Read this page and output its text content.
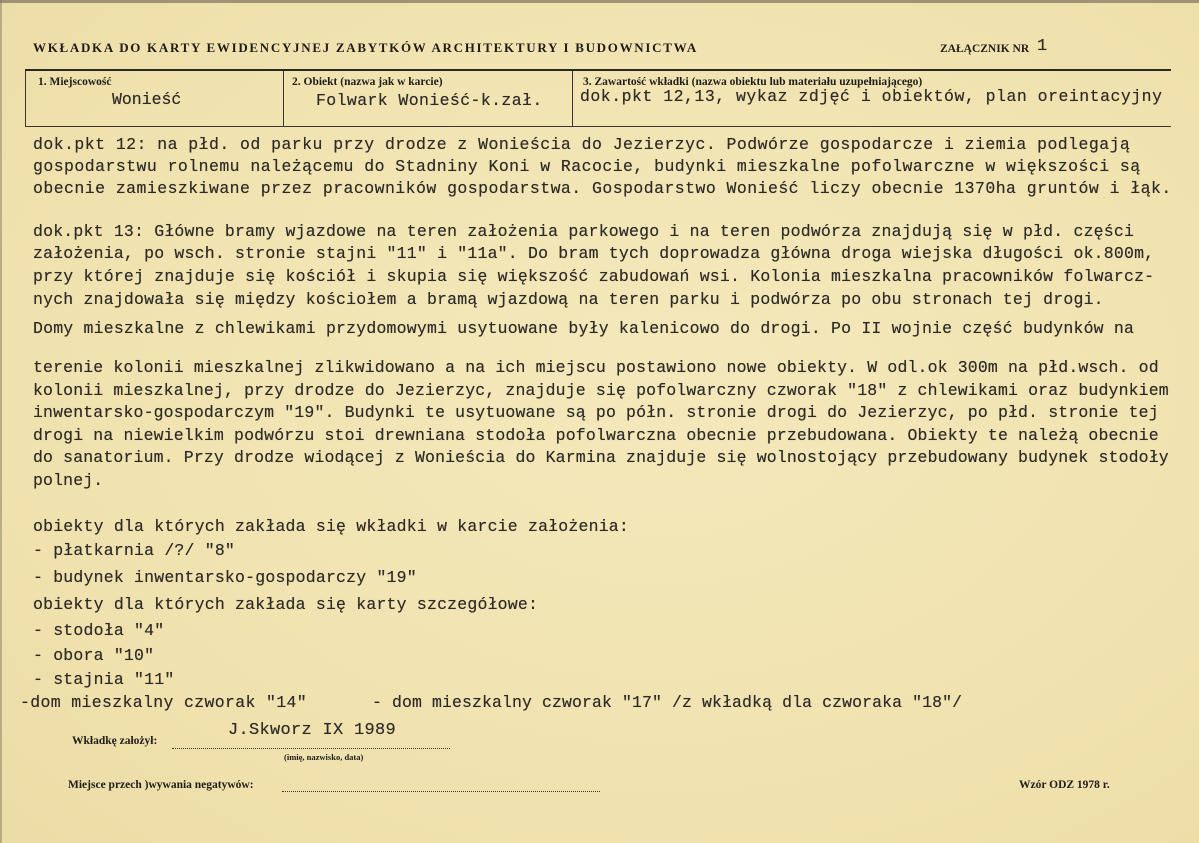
WKŁADKA DO KARTY EWIDENCYJNEJ ZABYTKÓW ARCHITEKTURY I BUDOWNICTWA	ZAŁĄCZNIK NR 1
1. Miejscowość
Wonieść
2. Obiekt (nazwa jak w karcie)
Folwark Wonieść-k.zał.
3. Zawartość wkładki (nazwa obiektu lub materiału uzupełniającego)
dok.pkt 12,13, wykaz zdjęć i obiektów, plan oreintacyjny
dok.pkt 12: na płd. od parku przy drodze z Wonieścia do Jezierzyc. Podwórze gospodarcze i ziemia podlegają
gospodarstwu rolnemu należącemu do Stadniny Koni w Racocie, budynki mieszkalne pofolwarczne w większości są
obecnie zamieszkiwane przez pracowników gospodarstwa. Gospodarstwo Wonieść liczy obecnie 1370ha gruntów i łąk.
dok.pkt 13: Główne bramy wjazdowe na teren założenia parkowego i na teren podwórza znajdują się w płd. części
założenia, po wsch. stronie stajni "11" i "11a". Do bram tych doprowadza główna droga wiejska długości ok.800m,
przy której znajduje się kościół i skupia się większość zabudowań wsi. Kolonia mieszkalna pracowników folwarcz-
nych znajdowała się między kościołem a bramą wjazdową na teren parku i podwórza po obu stronach tej drogi.
Domy mieszkalne z chlewikami przydomowymi usytuowane były kalenicowo do drogi. Po II wojnie część budynków na
terenie kolonii mieszkalnej zlikwidowano a na ich miejscu postawiono nowe obiekty. W odl.ok 300m na płd.wsch. od
kolonii mieszkalnej, przy drodze do Jezierzyc, znajduje się pofolwarczny czworak "18" z chlewikami oraz budynkiem
inwentarsko-gospodarczym "19". Budynki te usytuowane są po półn. stronie drogi do Jezierzyc, po płd. stronie tej
drogi na niewielkim podwórzu stoi drewniana stodoła pofolwarczna obecnie przebudowana. Obiekty te należą obecnie
do sanatorium. Przy drodze wiodącej z Wonieścia do Karmina znajduje się wolnostojący przebudowany budynek stodoły
polnej.
obiekty dla których zakłada się wkładki w karcie założenia:
- płatkarnia /?/ "8"
- budynek inwentarsko-gospodarczy "19"
obiekty dla których zakłada się karty szczegółowe:
- stodoła "4"
- obora "10"
- stajnia "11"
-dom mieszkalny czworak "14"	- dom mieszkalny czworak "17" /z wkładką dla czworaka "18"/
Wkładkę założył:
J.Skworz IX 1989
(imię, nazwisko, data)
Miejsce przech )wywania negatywów:	Wzór ODZ 1978 r.
